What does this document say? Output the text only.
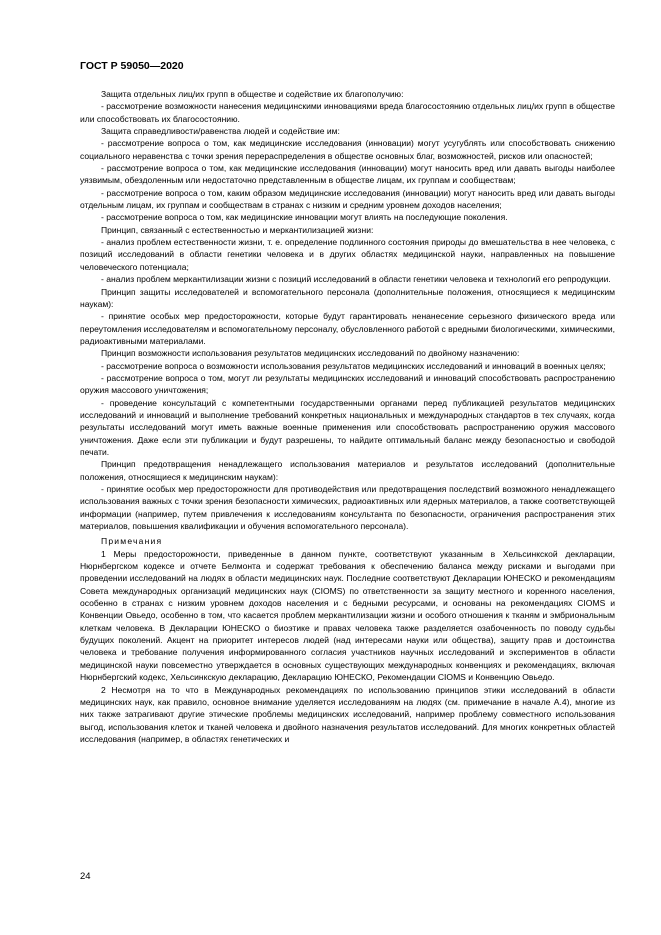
ГОСТ Р 59050—2020

Защита отдельных лиц/их групп в обществе и содействие их благополучию:

- рассмотрение возможности нанесения медицинскими инновациями вреда благосостоянию отдельных лиц/их групп в обществе или способствовать их благосостоянию.

Защита справедливости/равенства людей и содействие им:

- рассмотрение вопроса о том, как медицинские исследования (инновации) могут усугублять или способствовать снижению социального неравенства с точки зрения перераспределения в обществе основных благ, возможностей, рисков или опасностей;

- рассмотрение вопроса о том, как медицинские исследования (инновации) могут наносить вред или давать выгоды наиболее уязвимым, обездоленным или недостаточно представленным в обществе лицам, их группам и сообществам;

- рассмотрение вопроса о том, каким образом медицинские исследования (инновации) могут наносить вред или давать выгоды отдельным лицам, их группам и сообществам в странах с низким и средним уровнем доходов населения;

- рассмотрение вопроса о том, как медицинские инновации могут влиять на последующие поколения.

Принцип, связанный с естественностью и меркантилизацией жизни:

- анализ проблем естественности жизни, т. е. определение подлинного состояния природы до вмешательства в нее человека, с позиций исследований в области генетики человека и в других областях медицинской науки, направленных на повышение человеческого потенциала;

- анализ проблем меркантилизации жизни с позиций исследований в области генетики человека и технологий его репродукции.

Принцип защиты исследователей и вспомогательного персонала (дополнительные положения, относящиеся к медицинским наукам):

- принятие особых мер предосторожности, которые будут гарантировать ненанесение серьезного физического вреда или переутомления исследователям и вспомогательному персоналу, обусловленного работой с вредными биологическими, химическими, радиоактивными материалами.

Принцип возможности использования результатов медицинских исследований по двойному назначению:

- рассмотрение вопроса о возможности использования результатов медицинских исследований и инноваций в военных целях;

- рассмотрение вопроса о том, могут ли результаты медицинских исследований и инноваций способствовать распространению оружия массового уничтожения;

- проведение консультаций с компетентными государственными органами перед публикацией результатов медицинских исследований и инноваций и выполнение требований конкретных национальных и международных стандартов в тех случаях, когда результаты исследований могут иметь важные военные применения или способствовать распространению оружия массового уничтожения. Даже если эти публикации и будут разрешены, то найдите оптимальный баланс между безопасностью и свободой печати.

Принцип предотвращения ненадлежащего использования материалов и результатов исследований (дополнительные положения, относящиеся к медицинским наукам):

- принятие особых мер предосторожности для противодействия или предотвращения последствий возможного ненадлежащего использования важных с точки зрения безопасности химических, радиоактивных или ядерных материалов, а также соответствующей информации (например, путем привлечения к исследованиям консультанта по безопасности, ограничения распространения этих материалов, повышения квалификации и обучения вспомогательного персонала).

Примечания

1 Меры предосторожности, приведенные в данном пункте, соответствуют указанным в Хельсинкской декларации, Нюрнбергском кодексе и отчете Белмонта и содержат требования к обеспечению баланса между рисками и выгодами при проведении исследований на людях в области медицинских наук. Последние соответствуют Декларации ЮНЕСКО и рекомендациям Совета международных организаций медицинских наук (CIOMS) по ответственности за защиту местного и коренного населения, особенно в странах с низким уровнем доходов населения и с бедными ресурсами, и основаны на рекомендациях CIOMS и Конвенции Овьедо, особенно в том, что касается проблем меркантилизации жизни и особого отношения к тканям и эмбриональным клеткам человека. В Декларации ЮНЕСКО о биоэтике и правах человека также разделяется озабоченность по поводу судьбы будущих поколений. Акцент на приоритет интересов людей (над интересами науки или общества), защиту прав и достоинства человека и требование получения информированного согласия участников научных исследований и экспериментов в области медицинской науки повсеместно утверждается в основных существующих международных конвенциях и рекомендациях, включая Нюрнбергский кодекс, Хельсинкскую декларацию, Декларацию ЮНЕСКО, Рекомендации CIOMS и Конвенцию Овьедо.

2 Несмотря на то что в Международных рекомендациях по использованию принципов этики исследований в области медицинских наук, как правило, основное внимание уделяется исследованиям на людях (см. примечание в начале А.4), многие из них также затрагивают другие этические проблемы медицинских исследований, например проблему совместного использования выгод, использования клеток и тканей человека и двойного назначения результатов исследований. Для многих конкретных областей исследования (например, в областях генетических и

24
